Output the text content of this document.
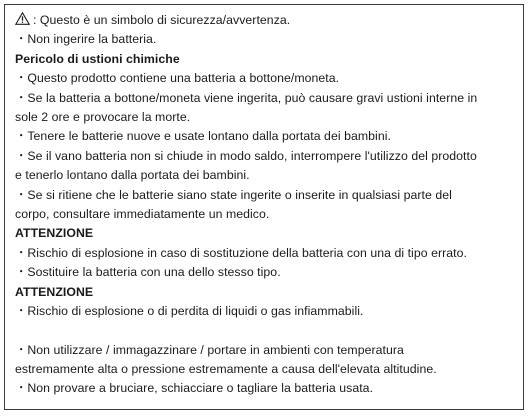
: Questo è un simbolo di sicurezza/avvertenza.
・Non ingerire la batteria.
Pericolo di ustioni chimiche
・Questo prodotto contiene una batteria a bottone/moneta.
・Se la batteria a bottone/moneta viene ingerita, può causare gravi ustioni interne in
sole 2 ore e provocare la morte.
・Tenere le batterie nuove e usate lontano dalla portata dei bambini.
・Se il vano batteria non si chiude in modo saldo, interrompere l'utilizzo del prodotto
e tenerlo lontano dalla portata dei bambini.
・Se si ritiene che le batterie siano state ingerite o inserite in qualsiasi parte del
corpo, consultare immediatamente un medico.
ATTENZIONE
・Rischio di esplosione in caso di sostituzione della batteria con una di tipo errato.
・Sostituire la batteria con una dello stesso tipo.
ATTENZIONE
・Rischio di esplosione o di perdita di liquidi o gas infiammabili.
・Non utilizzare / immagazzinare / portare in ambienti con temperatura
estremamente alta o pressione estremamente a causa dell'elevata altitudine.
・Non provare a bruciare, schiacciare o tagliare la batteria usata.
